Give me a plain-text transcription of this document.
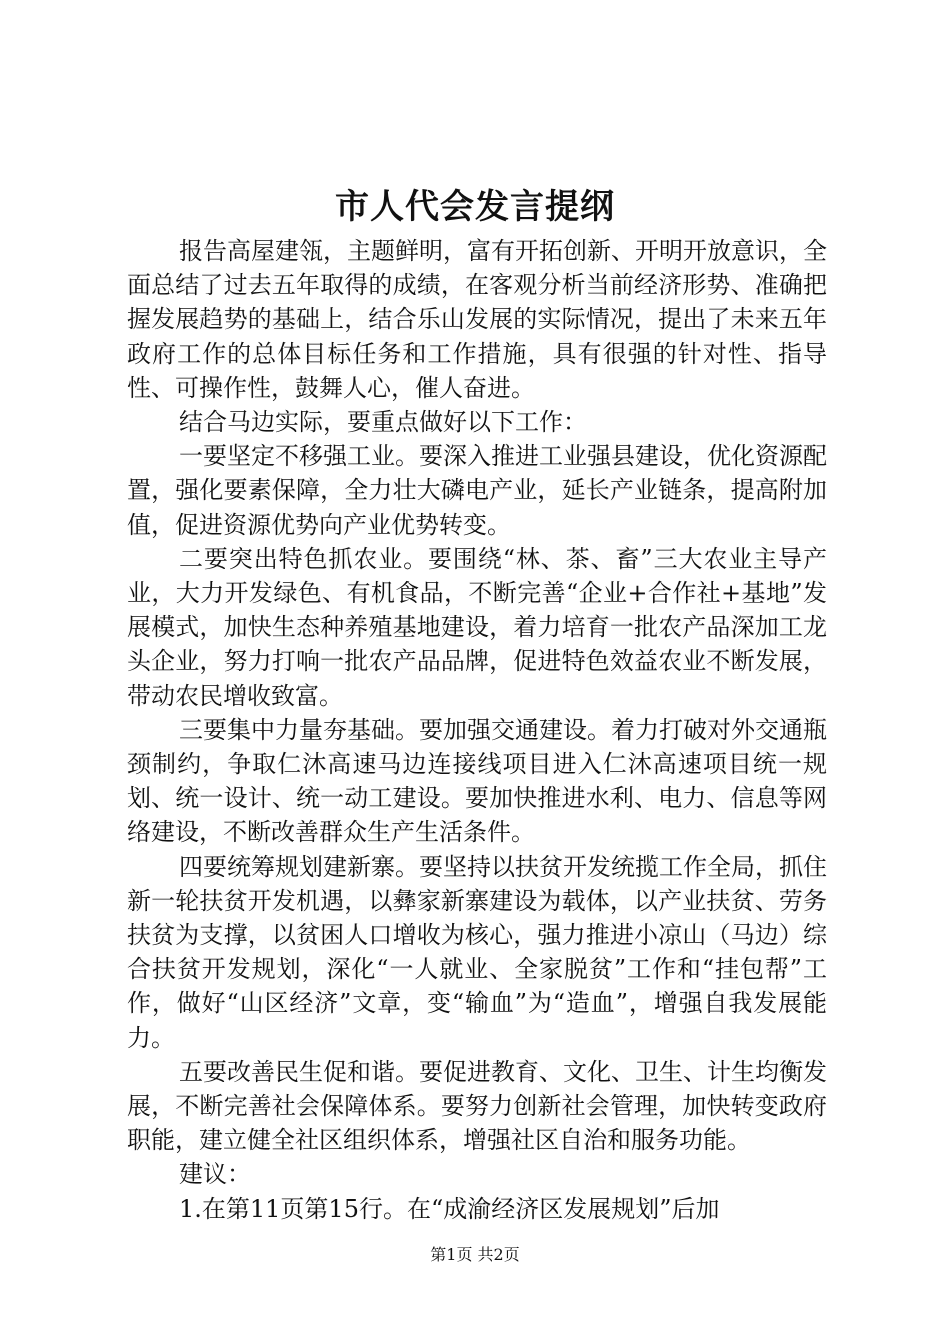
市人代会发言提纲

报告高屋建瓴，主题鲜明，富有开拓创新、开明开放意识，全面总结了过去五年取得的成绩，在客观分析当前经济形势、准确把握发展趋势的基础上，结合乐山发展的实际情况，提出了未来五年政府工作的总体目标任务和工作措施，具有很强的针对性、指导性、可操作性，鼓舞人心，催人奋进。

结合马边实际，要重点做好以下工作：

一要坚定不移强工业。要深入推进工业强县建设，优化资源配置，强化要素保障，全力壮大磷电产业，延长产业链条，提高附加值，促进资源优势向产业优势转变。

二要突出特色抓农业。要围绕“林、茶、畜”三大农业主导产业，大力开发绿色、有机食品，不断完善“企业+合作社+基地”发展模式，加快生态种养殖基地建设，着力培育一批农产品深加工龙头企业，努力打响一批农产品品牌，促进特色效益农业不断发展，带动农民增收致富。

三要集中力量夯基础。要加强交通建设。着力打破对外交通瓶颈制约，争取仁沐高速马边连接线项目进入仁沐高速项目统一规划、统一设计、统一动工建设。要加快推进水利、电力、信息等网络建设，不断改善群众生产生活条件。

四要统筹规划建新寨。要坚持以扶贫开发统揽工作全局，抓住新一轮扶贫开发机遇，以彝家新寨建设为载体，以产业扶贫、劳务扶贫为支撑，以贫困人口增收为核心，强力推进小凉山（马边）综合扶贫开发规划，深化“一人就业、全家脱贫”工作和“挂包帮”工作，做好“山区经济”文章，变“输血”为“造血”，增强自我发展能力。

五要改善民生促和谐。要促进教育、文化、卫生、计生均衡发展，不断完善社会保障体系。要努力创新社会管理，加快转变政府职能，建立健全社区组织体系，增强社区自治和服务功能。

建议：

1.在第11页第15行。在“成渝经济区发展规划”后加

第1页 共2页
